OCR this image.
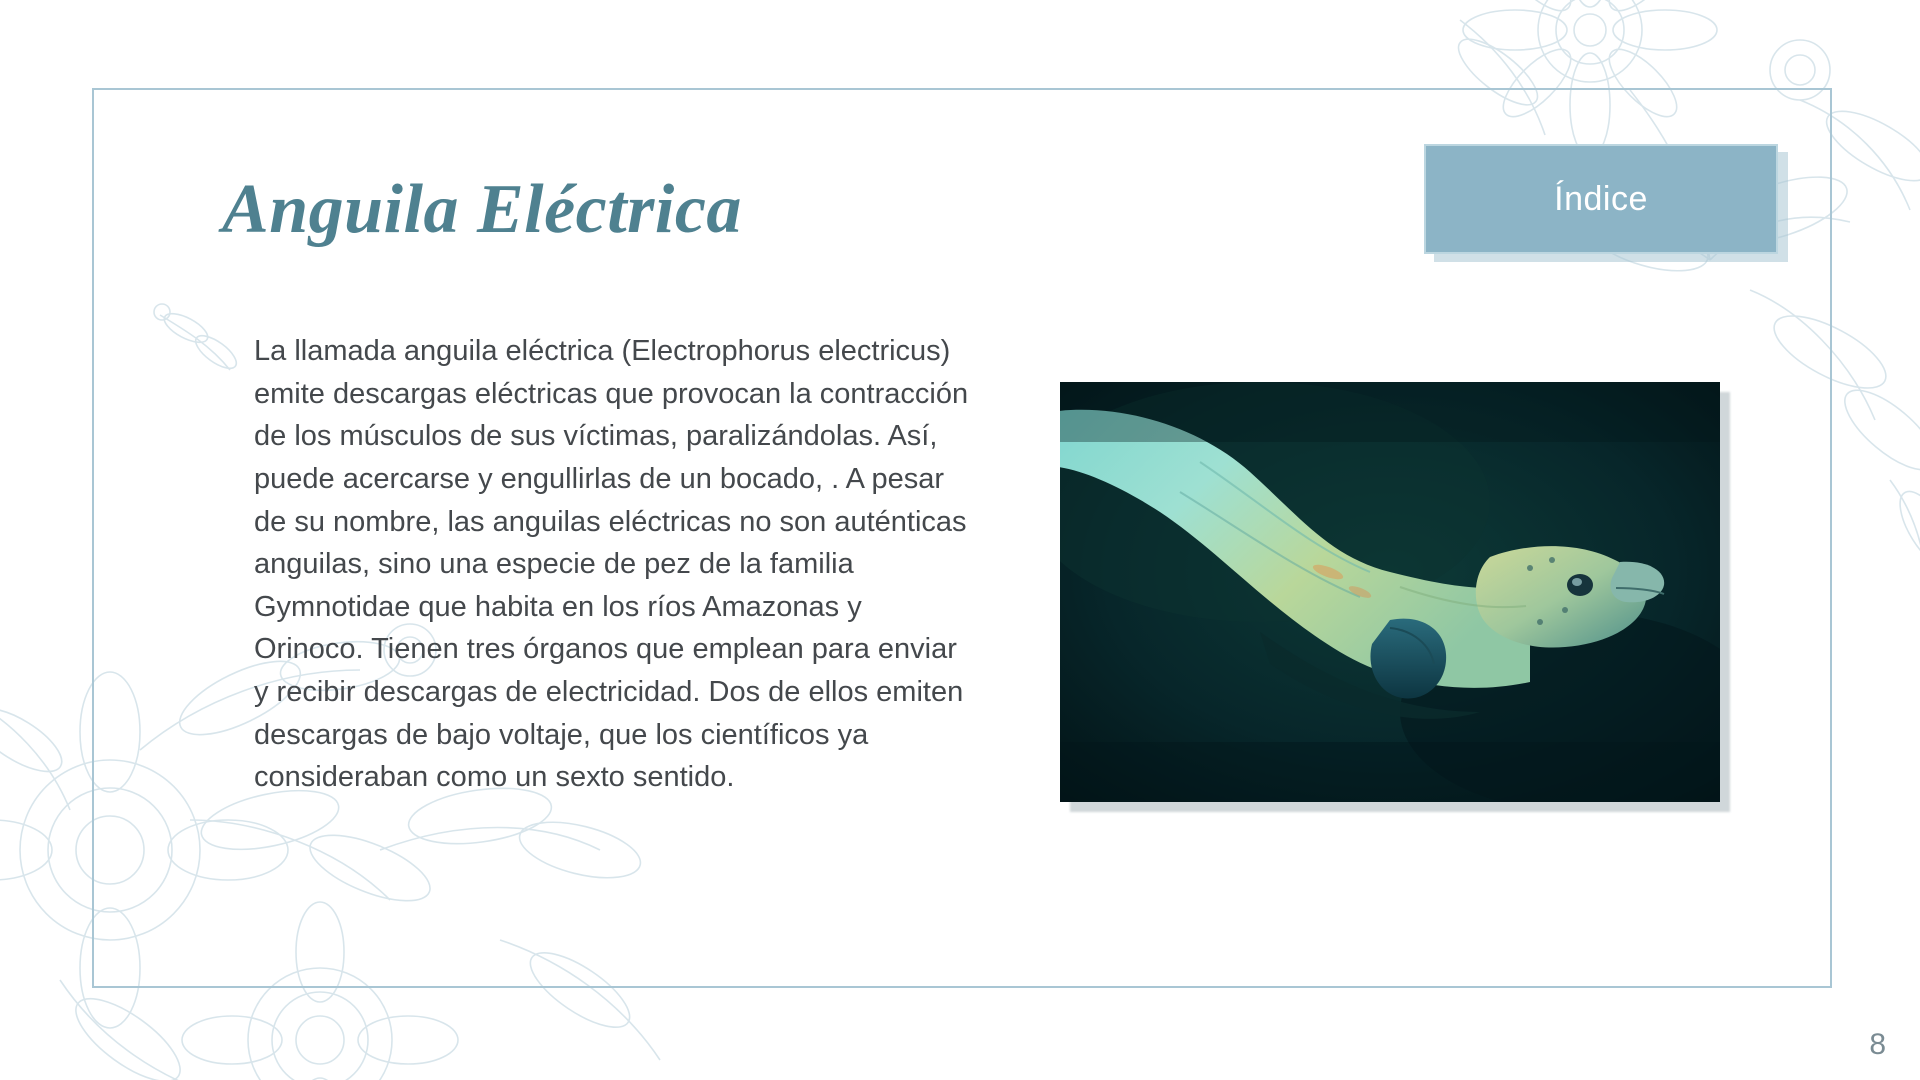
Anguila Eléctrica	Índice
La llamada anguila eléctrica (Electrophorus electricus) emite descargas eléctricas que provocan la contracción de los músculos de sus víctimas, paralizándolas. Así, puede acercarse y engullirlas de un bocado, . A pesar de su nombre, las anguilas eléctricas no son auténticas anguilas, sino una especie de pez de la familia Gymnotidae que habita en los ríos Amazonas y Orinoco. Tienen tres órganos que emplean para enviar y recibir descargas de electricidad. Dos de ellos emiten descargas de bajo voltaje, que los científicos ya consideraban como un sexto sentido.
8
